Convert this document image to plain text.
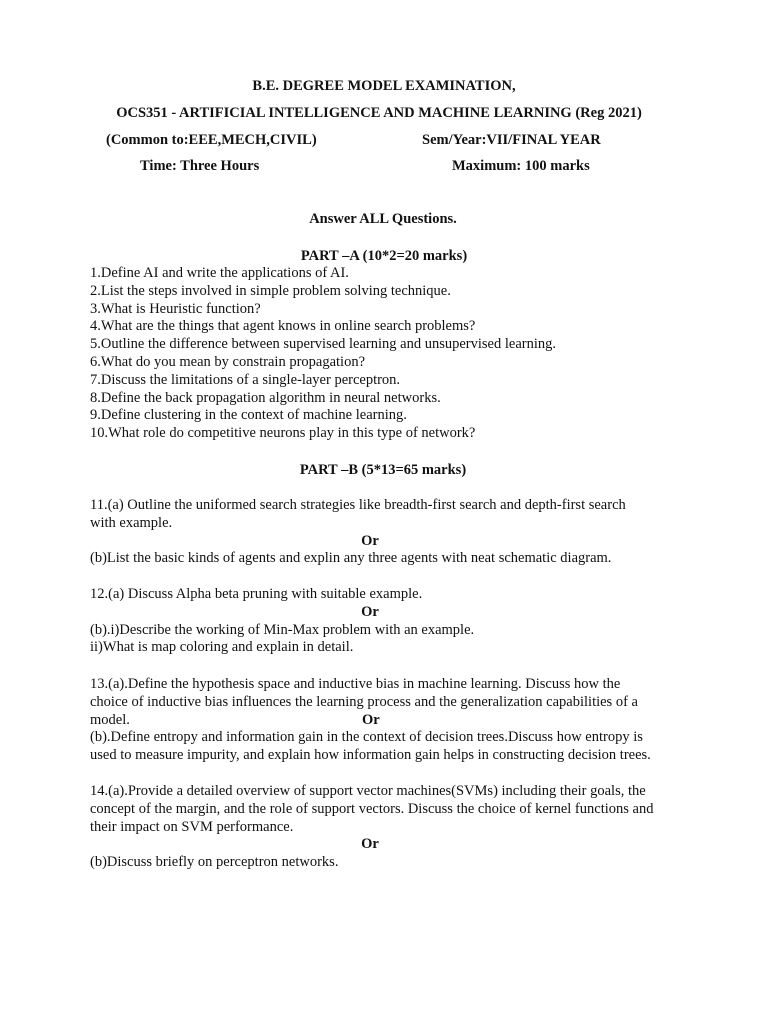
B.E. DEGREE MODEL EXAMINATION,
OCS351 - ARTIFICIAL INTELLIGENCE AND MACHINE LEARNING (Reg 2021)
(Common to:EEE,MECH,CIVIL)	Sem/Year:VII/FINAL YEAR
Time: Three Hours	Maximum: 100 marks
Answer ALL Questions.
PART –A (10*2=20 marks)
1.Define AI and write the applications of AI.
2.List the steps involved in simple problem solving technique.
3.What is Heuristic function?
4.What are the things that agent knows in online search problems?
5.Outline the difference between supervised learning and unsupervised learning.
6.What do you mean by constrain propagation?
7.Discuss the limitations of a single-layer perceptron.
8.Define the back propagation algorithm in neural networks.
9.Define clustering in the context of machine learning.
10.What role do competitive neurons play in this type of network?
PART –B (5*13=65 marks)
11.(a) Outline the uniformed search strategies like breadth-first search and depth-first search
with example.
Or
(b)List the basic kinds of agents and explin any three agents with neat schematic diagram.
12.(a) Discuss Alpha beta pruning with suitable example.
Or
(b).i)Describe the working of Min-Max problem with an example.
ii)What is map coloring and explain in detail.
13.(a).Define the hypothesis space and inductive bias in machine learning. Discuss how the
choice of inductive bias influences the learning process and the generalization capabilities of a
model.	Or
(b).Define entropy and information gain in the context of decision trees.Discuss how entropy is
used to measure impurity, and explain how information gain helps in constructing decision trees.
14.(a).Provide a detailed overview of support vector machines(SVMs) including their goals, the
concept of the margin, and the role of support vectors. Discuss the choice of kernel functions and
their impact on SVM performance.
Or
(b)Discuss briefly on perceptron networks.
